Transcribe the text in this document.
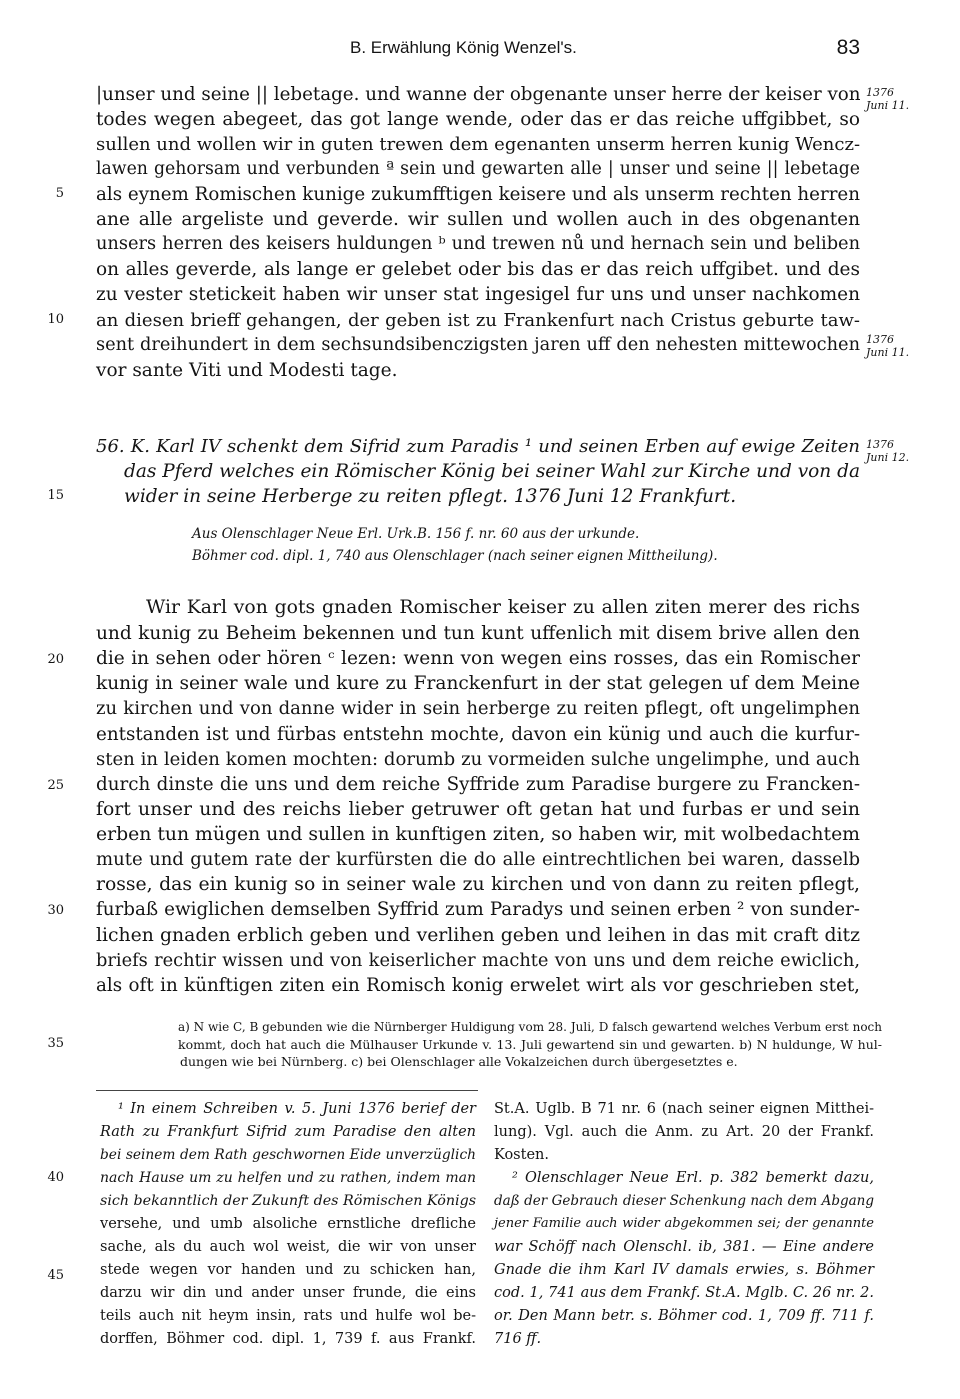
B. Erwählung König Wenzel's.	83
|unser und seine || lebetage. und wanne der obgenante unser herre der keiser von
todes wegen abegeet, das got lange wende, oder das er das reiche uffgibbet, so
sullen und wollen wir in guten trewen dem egenanten unserm herren kunig Wencz-
lawen gehorsam und verbunden ª sein und gewarten alle | unser und seine || lebetage
als eynem Romischen kunige zukumfftigen keisere und als unserm rechten herren
ane alle argeliste und geverde. wir sullen und wollen auch in des obgenanten
unsers herren des keisers huldungen ᵇ und trewen nů und hernach sein und beliben
on alles geverde, als lange er gelebet oder bis das er das reich uffgibet. und des
zu vester stetickeit haben wir unser stat ingesigel fur uns und unser nachkomen
an diesen brieff gehangen, der geben ist zu Frankenfurt nach Cristus geburte taw-
sent dreihundert in dem sechsundsibenczigsten jaren uff den nehesten mittewochen
vor sante Viti und Modesti tage.
1376
Juni 11.
1376
Juni 11.
1376
Juni 12.
5
10
15
20
25
30
35
40
45
56. K. Karl IV schenkt dem Sifrid zum Paradis ¹ und seinen Erben auf ewige Zeiten
das Pferd welches ein Römischer König bei seiner Wahl zur Kirche und von da
wider in seine Herberge zu reiten pflegt. 1376 Juni 12 Frankfurt.
Aus Olenschlager Neue Erl. Urk.B. 156 f. nr. 60 aus der urkunde.
Böhmer cod. dipl. 1, 740 aus Olenschlager (nach seiner eignen Mittheilung).
Wir Karl von gots gnaden Romischer keiser zu allen ziten merer des richs
und kunig zu Beheim bekennen und tun kunt uffenlich mit disem brive allen den
die in sehen oder hören ᶜ lezen: wenn von wegen eins rosses, das ein Romischer
kunig in seiner wale und kure zu Franckenfurt in der stat gelegen uf dem Meine
zu kirchen und von danne wider in sein herberge zu reiten pflegt, oft ungelimphen
entstanden ist und fürbas entstehn mochte, davon ein künig und auch die kurfur-
sten in leiden komen mochten: dorumb zu vormeiden sulche ungelimphe, und auch
durch dinste die uns und dem reiche Syffride zum Paradise burgere zu Francken-
fort unser und des reichs lieber getruwer oft getan hat und furbas er und sein
erben tun mügen und sullen in kunftigen ziten, so haben wir, mit wolbedachtem
mute und gutem rate der kurfürsten die do alle eintrechtlichen bei waren, dasselb
rosse, das ein kunig so in seiner wale zu kirchen und von dann zu reiten pflegt,
furbaß ewiglichen demselben Syffrid zum Paradys und seinen erben ² von sunder-
lichen gnaden erblich geben und verlihen geben und leihen in das mit craft ditz
briefs rechtir wissen und von keiserlicher machte von uns und dem reiche ewiclich,
als oft in künftigen ziten ein Romisch konig erwelet wirt als vor geschrieben stet,
a) N wie C, B gebunden wie die Nürnberger Huldigung vom 28. Juli, D falsch gewartend welches Verbum erst noch
kommt, doch hat auch die Mülhauser Urkunde v. 13. Juli gewartend sin und gewarten. b) N huldunge, W hul-
dungen wie bei Nürnberg. c) bei Olenschlager alle Vokalzeichen durch übergesetztes e.
¹ In einem Schreiben v. 5. Juni 1376 berief der
Rath zu Frankfurt Sifrid zum Paradise den alten
bei seinem dem Rath geschwornen Eide unverzüglich
nach Hause um zu helfen und zu rathen, indem man
sich bekanntlich der Zukunft des Römischen Königs
versehe, und umb alsoliche ernstliche drefliche
sache, als du auch wol weist, die wir von unser
stede wegen vor handen und zu schicken han,
darzu wir din und ander unser frunde, die eins
teils auch nit heym insin, rats und hulfe wol be-
dorffen, Böhmer cod. dipl. 1, 739 f. aus Frankf.
St.A. Uglb. B 71 nr. 6 (nach seiner eignen Mitthei-
lung). Vgl. auch die Anm. zu Art. 20 der Frankf.
Kosten.
² Olenschlager Neue Erl. p. 382 bemerkt dazu,
daß der Gebrauch dieser Schenkung nach dem Abgang
jener Familie auch wider abgekommen sei; der genannte
war Schöff nach Olenschl. ib, 381. — Eine andere
Gnade die ihm Karl IV damals erwies, s. Böhmer
cod. 1, 741 aus dem Frankf. St.A. Mglb. C. 26 nr. 2.
or. Den Mann betr. s. Böhmer cod. 1, 709 ff. 711 f.
716 ff.
